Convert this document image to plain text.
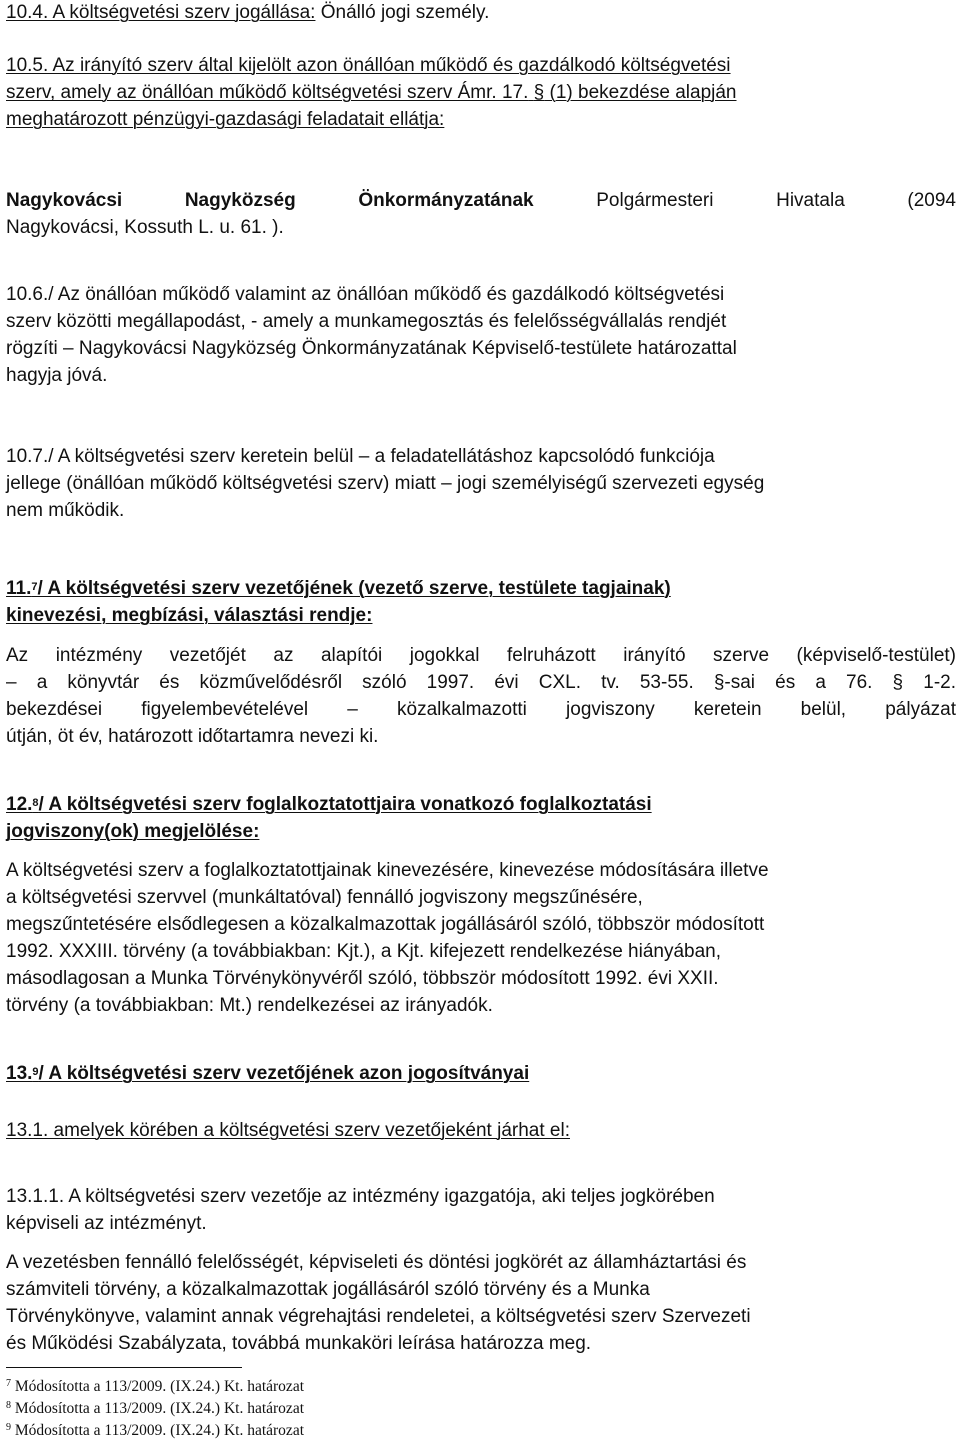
10.4. A költségvetési szerv jogállása: Önálló jogi személy.
10.5. Az irányító szerv által kijelölt azon önállóan működő és gazdálkodó költségvetési
szerv, amely az önállóan működő költségvetési szerv Ámr. 17. § (1) bekezdése alapján
meghatározott pénzügyi-gazdasági feladatait ellátja:
Nagykovácsi Nagyközség Önkormányzatának Polgármesteri Hivatala (2094
Nagykovácsi, Kossuth L. u. 61. ).
10.6./ Az önállóan működő valamint az önállóan működő és gazdálkodó költségvetési
szerv közötti megállapodást, - amely a munkamegosztás és felelősségvállalás rendjét
rögzíti – Nagykovácsi Nagyközség Önkormányzatának Képviselő-testülete határozattal
hagyja jóvá.
10.7./ A költségvetési szerv keretein belül – a feladatellátáshoz kapcsolódó funkciója
jellege (önállóan működő költségvetési szerv) miatt – jogi személyiségű szervezeti egység
nem működik.
11.$^7$/ A költségvetési szerv vezetőjének (vezető szerve, testülete tagjainak)
kinevezési, megbízási, választási rendje:
Az intézmény vezetőjét az alapítói jogokkal felruházott irányító szerve (képviselő-testület)
– a könyvtár és közművelődésről szóló 1997. évi CXL. tv. 53-55. §-sai és a 76. § 1-2.
bekezdései figyelembevételével – közalkalmazotti jogviszony keretein belül, pályázat
útján, öt év, határozott időtartamra nevezi ki.
12.$^8$/ A költségvetési szerv foglalkoztatottjaira vonatkozó foglalkoztatási
jogviszony(ok) megjelölése:
A költségvetési szerv a foglalkoztatottjainak kinevezésére, kinevezése módosítására illetve
a költségvetési szervvel (munkáltatóval) fennálló jogviszony megszűnésére,
megszűntetésére elsődlegesen a közalkalmazottak jogállásáról szóló, többször módosított
1992. XXXIII. törvény (a továbbiakban: Kjt.), a Kjt. kifejezett rendelkezése hiányában,
másodlagosan a Munka Törvénykönyvéről szóló, többször módosított 1992. évi XXII.
törvény (a továbbiakban: Mt.) rendelkezései az irányadók.
13.$^9$/ A költségvetési szerv vezetőjének azon jogosítványai
13.1. amelyek körében a költségvetési szerv vezetőjeként járhat el:
13.1.1. A költségvetési szerv vezetője az intézmény igazgatója, aki teljes jogkörében
képviseli az intézményt.
A vezetésben fennálló felelősségét, képviseleti és döntési jogkörét az államháztartási és
számviteli törvény, a közalkalmazottak jogállásáról szóló törvény és a Munka
Törvénykönyve, valamint annak végrehajtási rendeletei, a költségvetési szerv Szervezeti
és Működési Szabályzata, továbbá munkaköri leírása határozza meg.
$^7$ Módosította a 113/2009. (IX.24.) Kt. határozat
$^8$ Módosította a 113/2009. (IX.24.) Kt. határozat
$^9$ Módosította a 113/2009. (IX.24.) Kt. határozat
